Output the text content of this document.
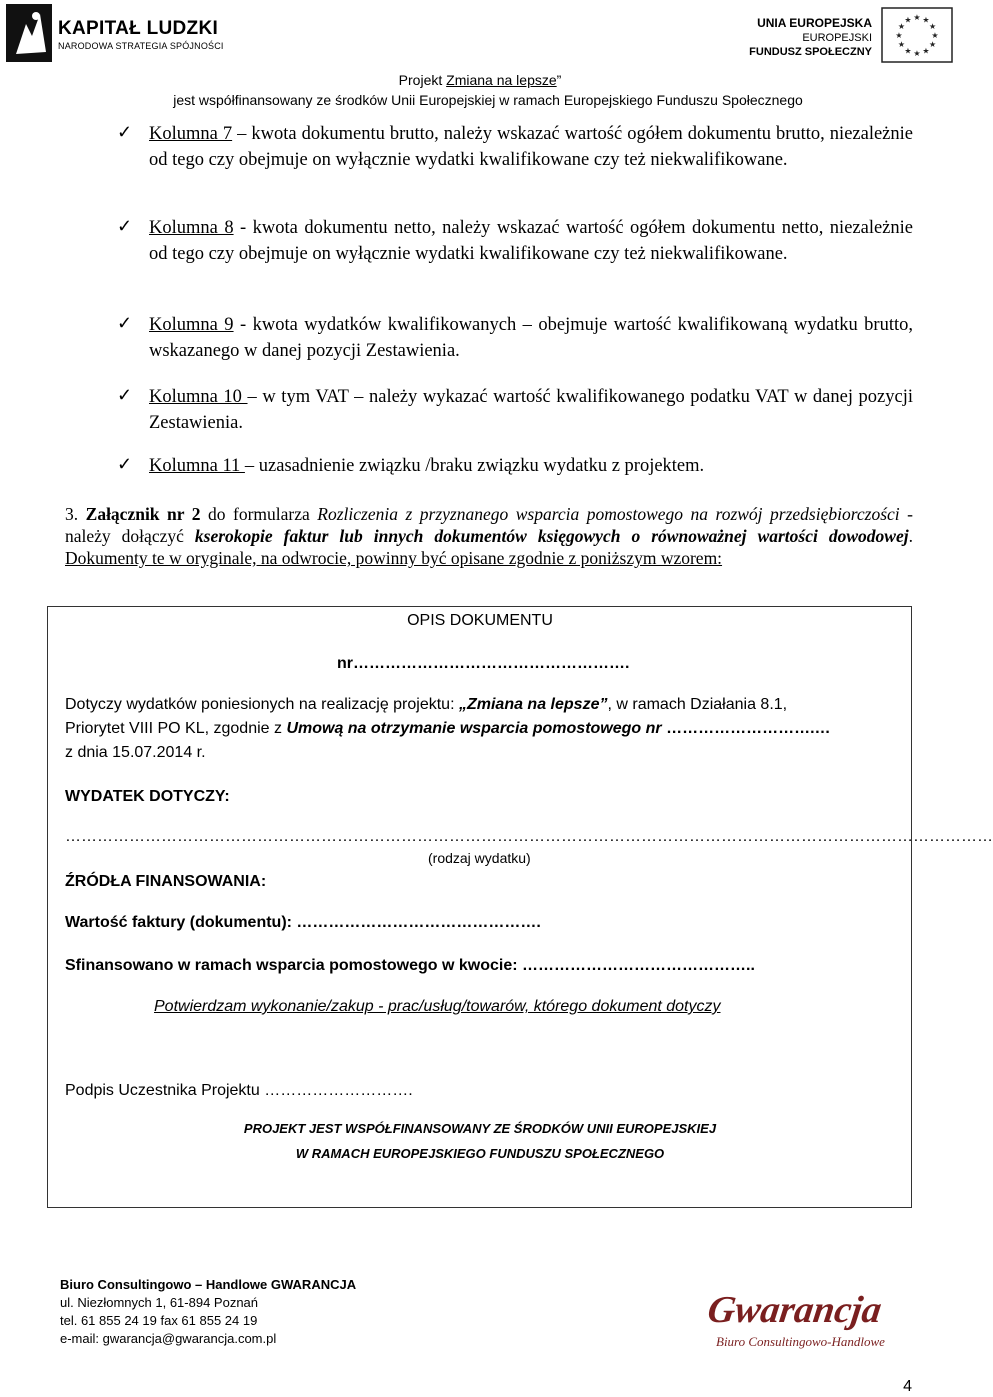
KAPITAŁ LUDZKI
NARODOWA STRATEGIA SPÓJNOŚCI
UNIA EUROPEJSKA
EUROPEJSKI
FUNDUSZ SPOŁECZNY
★ ★
★
★
★
★
★
★
★
★
★
★
Projekt Zmiana na lepsze”
jest współfinansowany ze środków Unii Europejskiej w ramach Europejskiego Funduszu Społecznego
✓ Kolumna 7 – kwota dokumentu brutto, należy wskazać wartość ogółem dokumentu brutto, niezależnie od tego czy obejmuje on wyłącznie wydatki kwalifikowane czy też niekwalifikowane.
✓ Kolumna 8 - kwota dokumentu netto, należy wskazać wartość ogółem dokumentu netto, niezależnie od tego czy obejmuje on wyłącznie wydatki kwalifikowane czy też niekwalifikowane.
✓ Kolumna 9 - kwota wydatków kwalifikowanych – obejmuje wartość kwalifikowaną wydatku brutto, wskazanego w danej pozycji Zestawienia.
✓ Kolumna 10 – w tym VAT – należy wykazać wartość kwalifikowanego podatku VAT w danej pozycji Zestawienia.
✓ Kolumna 11 – uzasadnienie związku /braku związku wydatku z projektem.
3. Załącznik nr 2 do formularza Rozliczenia z przyznanego wsparcia pomostowego na rozwój przedsiębiorczości - należy dołączyć kserokopie faktur lub innych dokumentów księgowych o równoważnej wartości dowodowej. Dokumenty te w oryginale, na odwrocie, powinny być opisane zgodnie z poniższym wzorem:
OPIS DOKUMENTU
nr…………………………………………….
Dotyczy wydatków poniesionych na realizację projektu: „Zmiana na lepsze”, w ramach Działania 8.1,
Priorytet VIII PO KL, zgodnie z Umową na otrzymanie wsparcia pomostowego nr ……………………….…
z dnia 15.07.2014 r.
WYDATEK DOTYCZY:
…………………………………………………………………………………………………………………………………………………………
(rodzaj wydatku)
ŹRÓDŁA FINANSOWANIA:
Wartość faktury (dokumentu): ……………………………………….
Sfinansowano w ramach wsparcia pomostowego w kwocie: ……………………………………..
Potwierdzam wykonanie/zakup - prac/usług/towarów, którego dokument dotyczy
Podpis Uczestnika Projektu ……………………….
PROJEKT JEST WSPÓŁFINANSOWANY ZE ŚRODKÓW UNII EUROPEJSKIEJ
W RAMACH EUROPEJSKIEGO FUNDUSZU SPOŁECZNEGO
Biuro Consultingowo – Handlowe GWARANCJA
ul. Niezłomnych 1, 61-894 Poznań
tel. 61 855 24 19 fax 61 855 24 19
e-mail: gwarancja@gwarancja.com.pl
Gwarancja
Biuro Consultingowo-Handlowe
4
